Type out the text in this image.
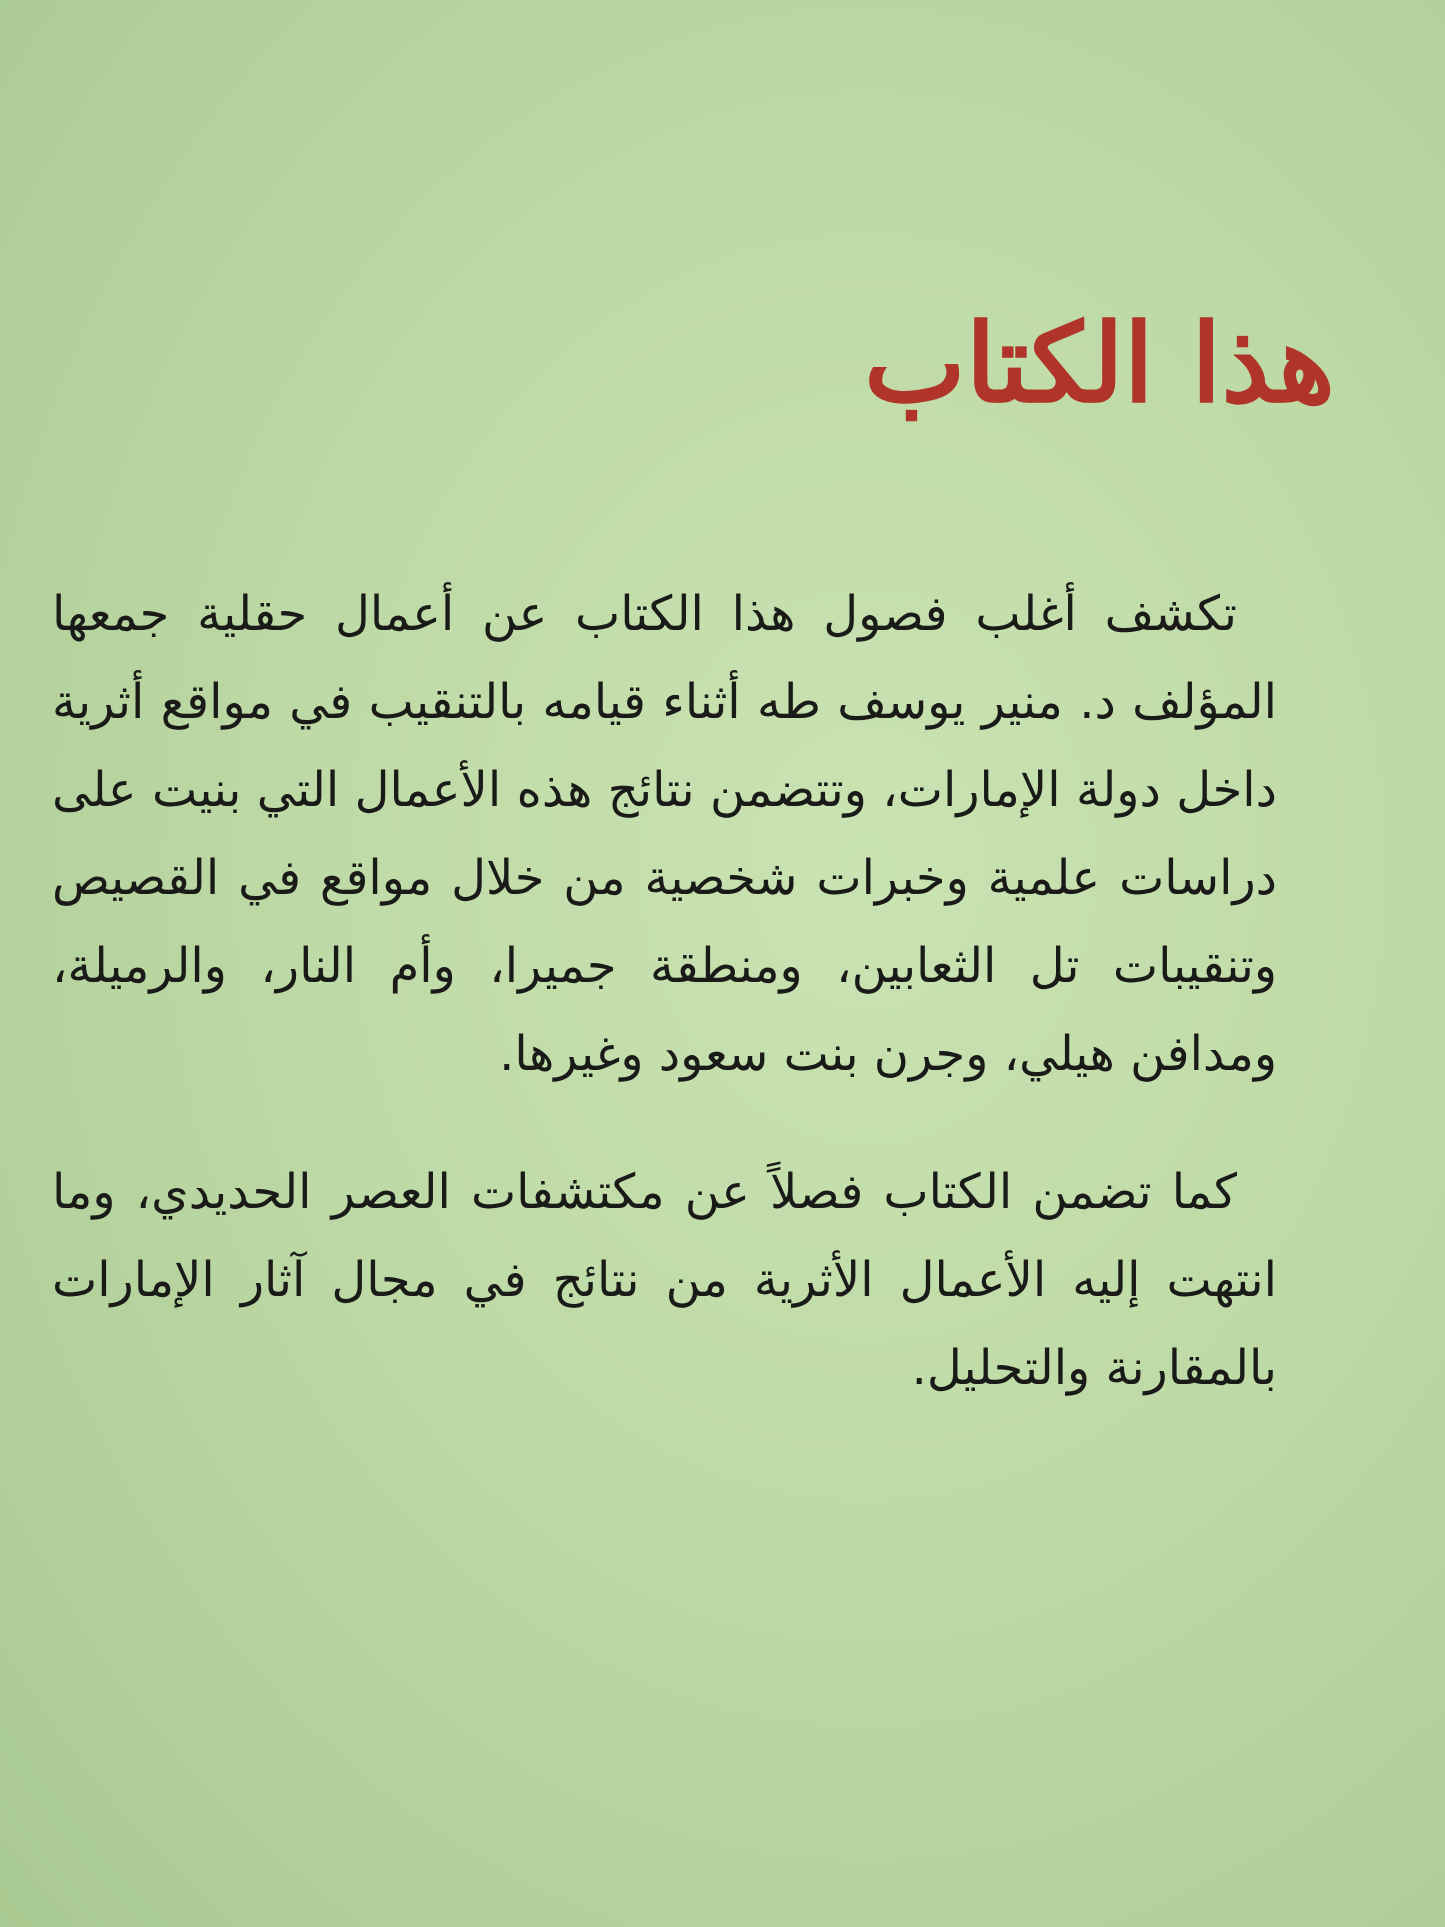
هذا الكتاب

تكشف أغلب فصول هذا الكتاب عن أعمال حقلية جمعها المؤلف د. منير يوسف طه أثناء قيامه بالتنقيب في مواقع أثرية داخل دولة الإمارات، وتتضمن نتائج هذه الأعمال التي بنيت على دراسات علمية وخبرات شخصية من خلال مواقع في القصيص وتنقيبات تل الثعابين، ومنطقة جميرا، وأم النار، والرميلة، ومدافن هيلي، وجرن بنت سعود وغيرها.

كما تضمن الكتاب فصلاً عن مكتشفات العصر الحديدي، وما انتهت إليه الأعمال الأثرية من نتائج في مجال آثار الإمارات بالمقارنة والتحليل.
